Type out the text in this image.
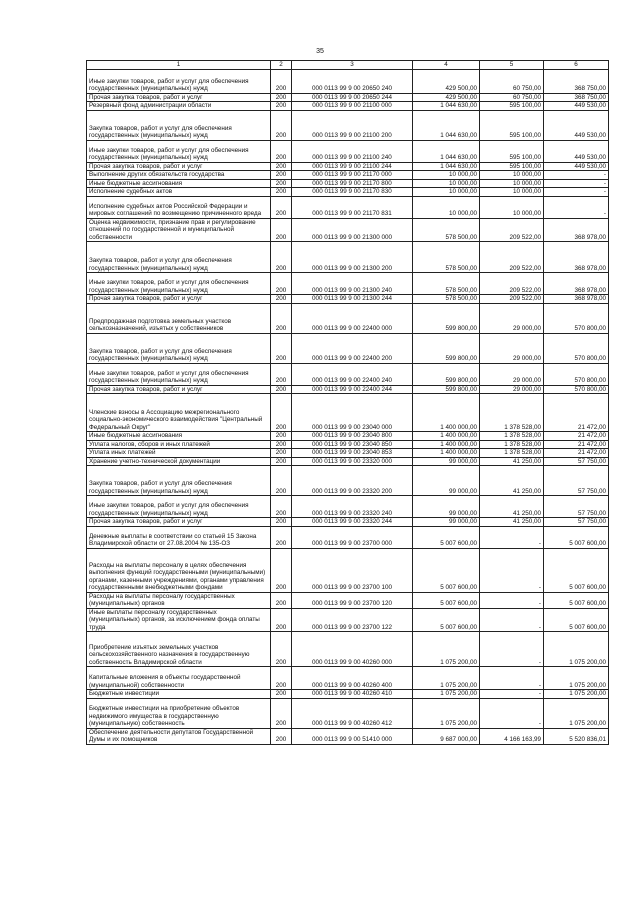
35
1	2	3	4	5	6
Иные закупки товаров, работ и услуг для обеспечения государственных (муниципальных) нужд	200	000 0113 99 9 00 20650 240	429 500,00	60 750,00	368 750,00
Прочая закупка товаров, работ и услуг	200	000 0113 99 9 00 20650 244	429 500,00	60 750,00	368 750,00
Резервный фонд администрации области	200	000 0113 99 9 00 21100 000	1 044 630,00	595 100,00	449 530,00
Закупка товаров, работ и услуг для обеспечения государственных (муниципальных) нужд	200	000 0113 99 9 00 21100 200	1 044 630,00	595 100,00	449 530,00
Иные закупки товаров, работ и услуг для обеспечения государственных (муниципальных) нужд	200	000 0113 99 9 00 21100 240	1 044 630,00	595 100,00	449 530,00
Прочая закупка товаров, работ и услуг	200	000 0113 99 9 00 21100 244	1 044 630,00	595 100,00	449 530,00
Выполнение других обязательств государства	200	000 0113 99 9 00 21170 000	10 000,00	10 000,00	-
Иные бюджетные ассигнования	200	000 0113 99 9 00 21170 800	10 000,00	10 000,00	-
Исполнение судебных актов	200	000 0113 99 9 00 21170 830	10 000,00	10 000,00	-
Исполнение судебных актов Российской Федерации и мировых соглашений по возмещению причиненного вреда	200	000 0113 99 9 00 21170 831	10 000,00	10 000,00	-
Оценка недвижимости, признание прав и регулирование отношений по государственной и муниципальной собственности	200	000 0113 99 9 00 21300 000	578 500,00	209 522,00	368 978,00
Закупка товаров, работ и услуг для обеспечения государственных (муниципальных) нужд	200	000 0113 99 9 00 21300 200	578 500,00	209 522,00	368 978,00
Иные закупки товаров, работ и услуг для обеспечения государственных (муниципальных) нужд	200	000 0113 99 9 00 21300 240	578 500,00	209 522,00	368 978,00
Прочая закупка товаров, работ и услуг	200	000 0113 99 9 00 21300 244	578 500,00	209 522,00	368 978,00
Предпродажная подготовка земельных участков сельхозназначений, изъятых у собственников	200	000 0113 99 9 00 22400 000	599 800,00	29 000,00	570 800,00
Закупка товаров, работ и услуг для обеспечения государственных (муниципальных) нужд	200	000 0113 99 9 00 22400 200	599 800,00	29 000,00	570 800,00
Иные закупки товаров, работ и услуг для обеспечения государственных (муниципальных) нужд	200	000 0113 99 9 00 22400 240	599 800,00	29 000,00	570 800,00
Прочая закупка товаров, работ и услуг	200	000 0113 99 9 00 22400 244	599 800,00	29 000,00	570 800,00
Членские взносы в Ассоциацию межрегионального социально-экономического взаимодействия "Центральный Федеральный Округ"	200	000 0113 99 9 00 23040 000	1 400 000,00	1 378 528,00	21 472,00
Иные бюджетные ассигнования	200	000 0113 99 9 00 23040 800	1 400 000,00	1 378 528,00	21 472,00
Уплата налогов, сборов и иных платежей	200	000 0113 99 9 00 23040 850	1 400 000,00	1 378 528,00	21 472,00
Уплата иных платежей	200	000 0113 99 9 00 23040 853	1 400 000,00	1 378 528,00	21 472,00
Хранение учетно-технической документации	200	000 0113 99 9 00 23320 000	99 000,00	41 250,00	57 750,00
Закупка товаров, работ и услуг для обеспечения государственных (муниципальных) нужд	200	000 0113 99 9 00 23320 200	99 000,00	41 250,00	57 750,00
Иные закупки товаров, работ и услуг для обеспечения государственных (муниципальных) нужд	200	000 0113 99 9 00 23320 240	99 000,00	41 250,00	57 750,00
Прочая закупка товаров, работ и услуг	200	000 0113 99 9 00 23320 244	99 000,00	41 250,00	57 750,00
Денежные выплаты в соответствии со статьей 15 Закона Владимирской области от 27.08.2004 № 135-ОЗ	200	000 0113 99 9 00 23700 000	5 007 600,00	-	5 007 600,00
Расходы на выплаты персоналу в целях обеспечения выполнения функций государственными (муниципальными) органами, казенными учреждениями, органами управления государственными внебюджетными фондами	200	000 0113 99 9 00 23700 100	5 007 600,00	-	5 007 600,00
Расходы на выплаты персоналу государственных (муниципальных) органов	200	000 0113 99 9 00 23700 120	5 007 600,00	-	5 007 600,00
Иные выплаты персоналу государственных (муниципальных) органов, за исключением фонда оплаты труда	200	000 0113 99 9 00 23700 122	5 007 600,00	-	5 007 600,00
Приобретение изъятых земельных участков сельскохозяйственного назначения в государственную собственность Владимирской области	200	000 0113 99 9 00 40260 000	1 075 200,00	-	1 075 200,00
Капитальные вложения в объекты государственной (муниципальной) собственности	200	000 0113 99 9 00 40260 400	1 075 200,00	-	1 075 200,00
Бюджетные инвестиции	200	000 0113 99 9 00 40260 410	1 075 200,00	-	1 075 200,00
Бюджетные инвестиции на приобретение объектов недвижимого имущества в государственную (муниципальную) собственность	200	000 0113 99 9 00 40260 412	1 075 200,00	-	1 075 200,00
Обеспечение деятельности депутатов Государственной Думы и их помощников	200	000 0113 99 9 00 51410 000	9 687 000,00	4 166 163,99	5 520 836,01
